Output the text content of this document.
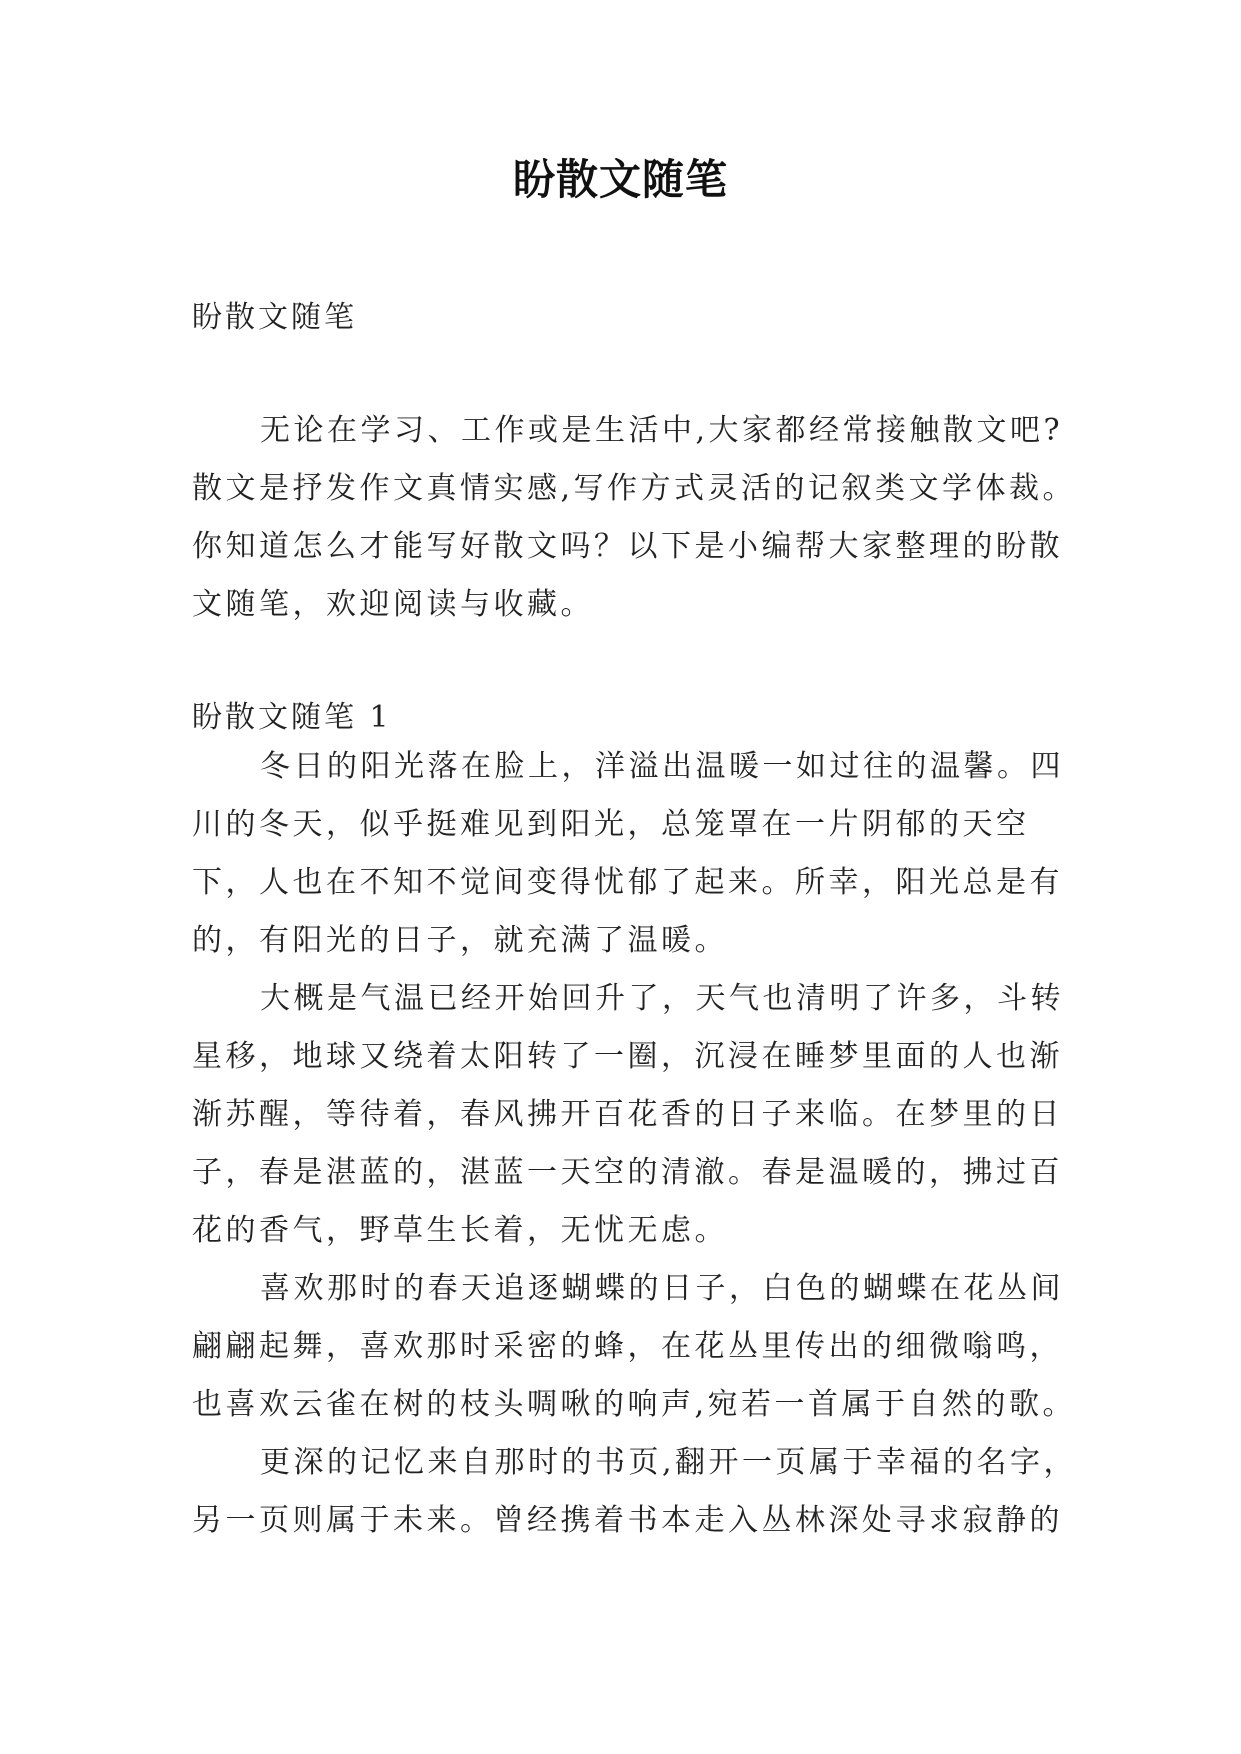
盼散文随笔

盼散文随笔

无论在学习、工作或是生活中,大家都经常接触散文吧?散文是抒发作文真情实感,写作方式灵活的记叙类文学体裁。你知道怎么才能写好散文吗？以下是小编帮大家整理的盼散文随笔，欢迎阅读与收藏。

盼散文随笔 1

冬日的阳光落在脸上，洋溢出温暖一如过往的温馨。四川的冬天，似乎挺难见到阳光，总笼罩在一片阴郁的天空下，人也在不知不觉间变得忧郁了起来。所幸，阳光总是有的，有阳光的日子，就充满了温暖。

大概是气温已经开始回升了，天气也清明了许多，斗转星移，地球又绕着太阳转了一圈，沉浸在睡梦里面的人也渐渐苏醒，等待着，春风拂开百花香的日子来临。在梦里的日子，春是湛蓝的，湛蓝一天空的清澈。春是温暖的，拂过百花的香气，野草生长着，无忧无虑。

喜欢那时的春天追逐蝴蝶的日子，白色的蝴蝶在花丛间翩翩起舞，喜欢那时采密的蜂，在花丛里传出的细微嗡鸣，也喜欢云雀在树的枝头啁啾的响声,宛若一首属于自然的歌。

更深的记忆来自那时的书页,翻开一页属于幸福的名字，另一页则属于未来。曾经携着书本走入丛林深处寻求寂静的
